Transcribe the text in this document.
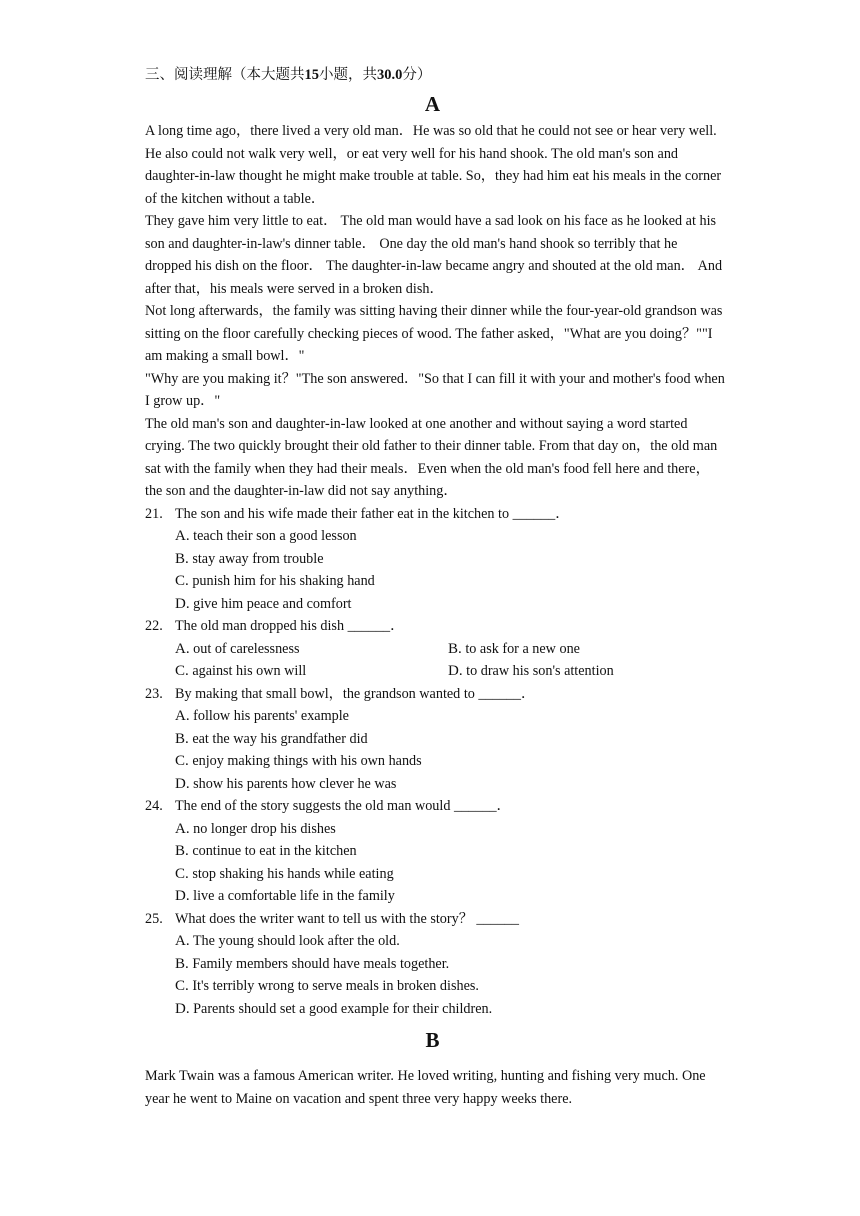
三、阅读理解（本大题共15小题，共30.0分）
A

A long time ago，there lived a very old man．He was so old that he could not see or hear very well. He also could not walk very well，or eat very well for his hand shook. The old man's son and daughter-in-law thought he might make trouble at table. So，they had him eat his meals in the corner of the kitchen without a table．

They gave him very little to eat． The old man would have a sad look on his face as he looked at his son and daughter-in-law's dinner table． One day the old man's hand shook so terribly that he dropped his dish on the floor． The daughter-in-law became angry and shouted at the old man． And after that，his meals were served in a broken dish．

Not long afterwards，the family was sitting having their dinner while the four-year-old grandson was sitting on the floor carefully checking pieces of wood. The father asked，"What are you doing？""I am making a small bowl．"

"Why are you making it？"The son answered．"So that I can fill it with your and mother's food when I grow up．"

The old man's son and daughter-in-law looked at one another and without saying a word started crying. The two quickly brought their old father to their dinner table. From that day on，the old man sat with the family when they had their meals．Even when the old man's food fell here and there，the son and the daughter-in-law did not say anything．

21. The son and his wife made their father eat in the kitchen to ______．
A. teach their son a good lesson
B. stay away from trouble
C. punish him for his shaking hand
D. give him peace and comfort
22. The old man dropped his dish ______．
A. out of carelessness	B. to ask for a new one
C. against his own will	D. to draw his son's attention
23. By making that small bowl，the grandson wanted to ______．
A. follow his parents' example
B. eat the way his grandfather did
C. enjoy making things with his own hands
D. show his parents how clever he was
24. The end of the story suggests the old man would ______．
A. no longer drop his dishes
B. continue to eat in the kitchen
C. stop shaking his hands while eating
D. live a comfortable life in the family
25. What does the writer want to tell us with the story？ ______
A. The young should look after the old.
B. Family members should have meals together.
C. It's terribly wrong to serve meals in broken dishes.
D. Parents should set a good example for their children.
B

Mark Twain was a famous American writer. He loved writing, hunting and fishing very much. One year he went to Maine on vacation and spent three very happy weeks there.
